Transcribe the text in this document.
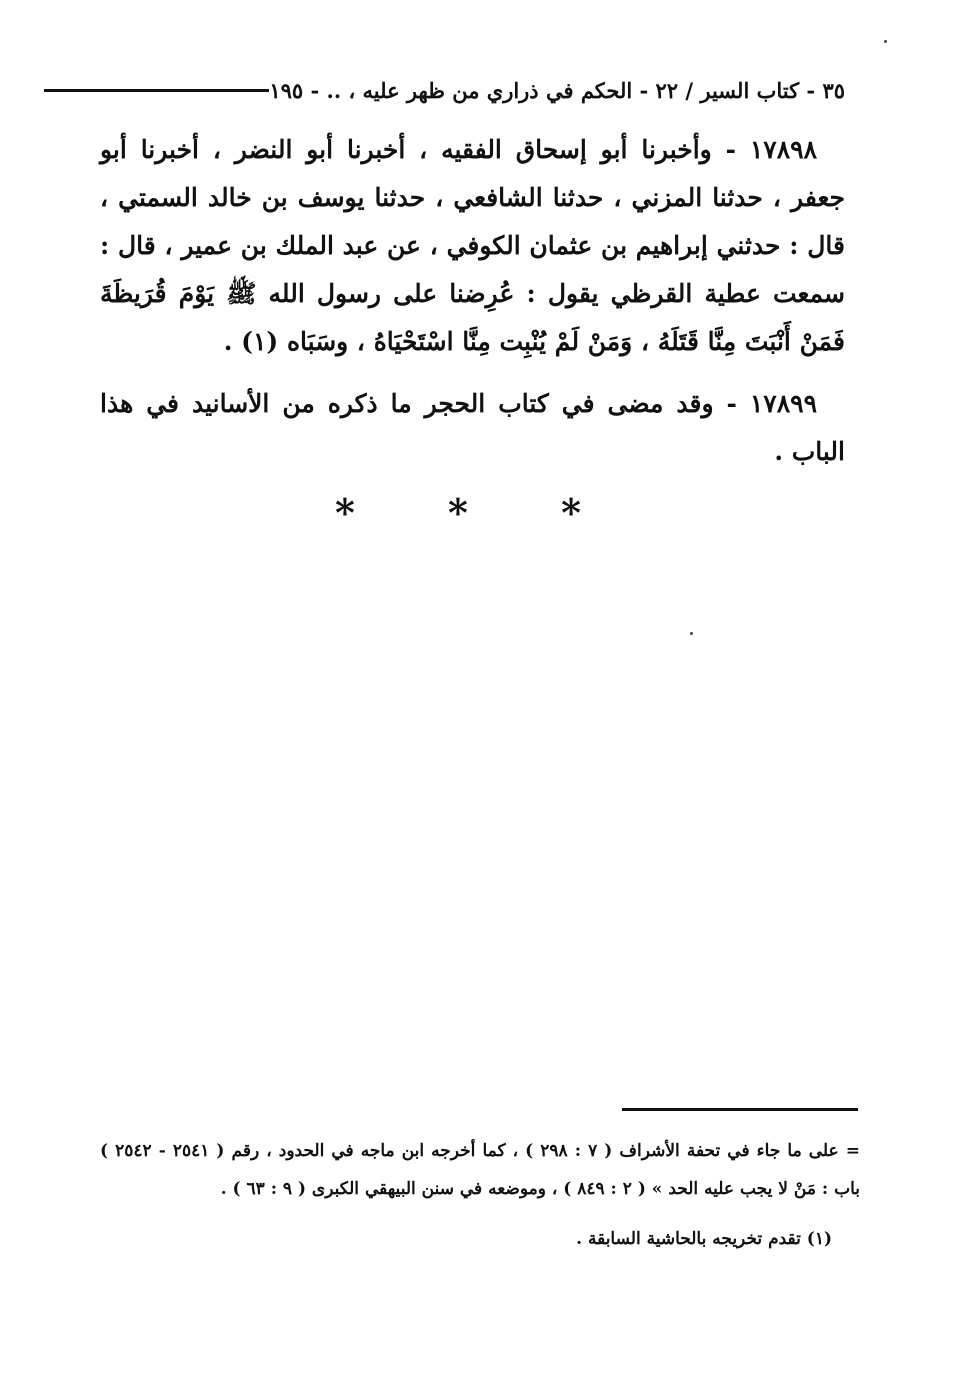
٣٥ - كتاب السير / ٢٢ - الحكم في ذراري من ظهر عليه ، .. - ١٩٥

١٧٨٩٨ - وأخبرنا أبو إسحاق الفقيه ، أخبرنا أبو النضر ، أخبرنا أبو جعفر ، حدثنا المزني ، حدثنا الشافعي ، حدثنا يوسف بن خالد السمتي ، قال : حدثني إبراهيم بن عثمان الكوفي ، عن عبد الملك بن عمير ، قال : سمعت عطية القرظي يقول : عُرِضنا على رسول الله ﷺ يَوْمَ قُرَيظَةَ فَمَنْ أَنْبَتَ مِنَّا قَتَلَهُ ، وَمَنْ لَمْ يُنْبِت مِنَّا اسْتَحْيَاهُ ، وسَبَاه (١) .

١٧٨٩٩ - وقد مضى في كتاب الحجر ما ذكره من الأسانيد في هذا الباب .

* * *

= على ما جاء في تحفة الأشراف ( ٧ : ٢٩٨ ) ، كما أخرجه ابن ماجه في الحدود ، رقم ( ٢٥٤١ - ٢٥٤٢ ) باب : مَنْ لا يجب عليه الحد » ( ٢ : ٨٤٩ ) ، وموضعه في سنن البيهقي الكبرى ( ٩ : ٦٣ ) .

(١) تقدم تخريجه بالحاشية السابقة .
